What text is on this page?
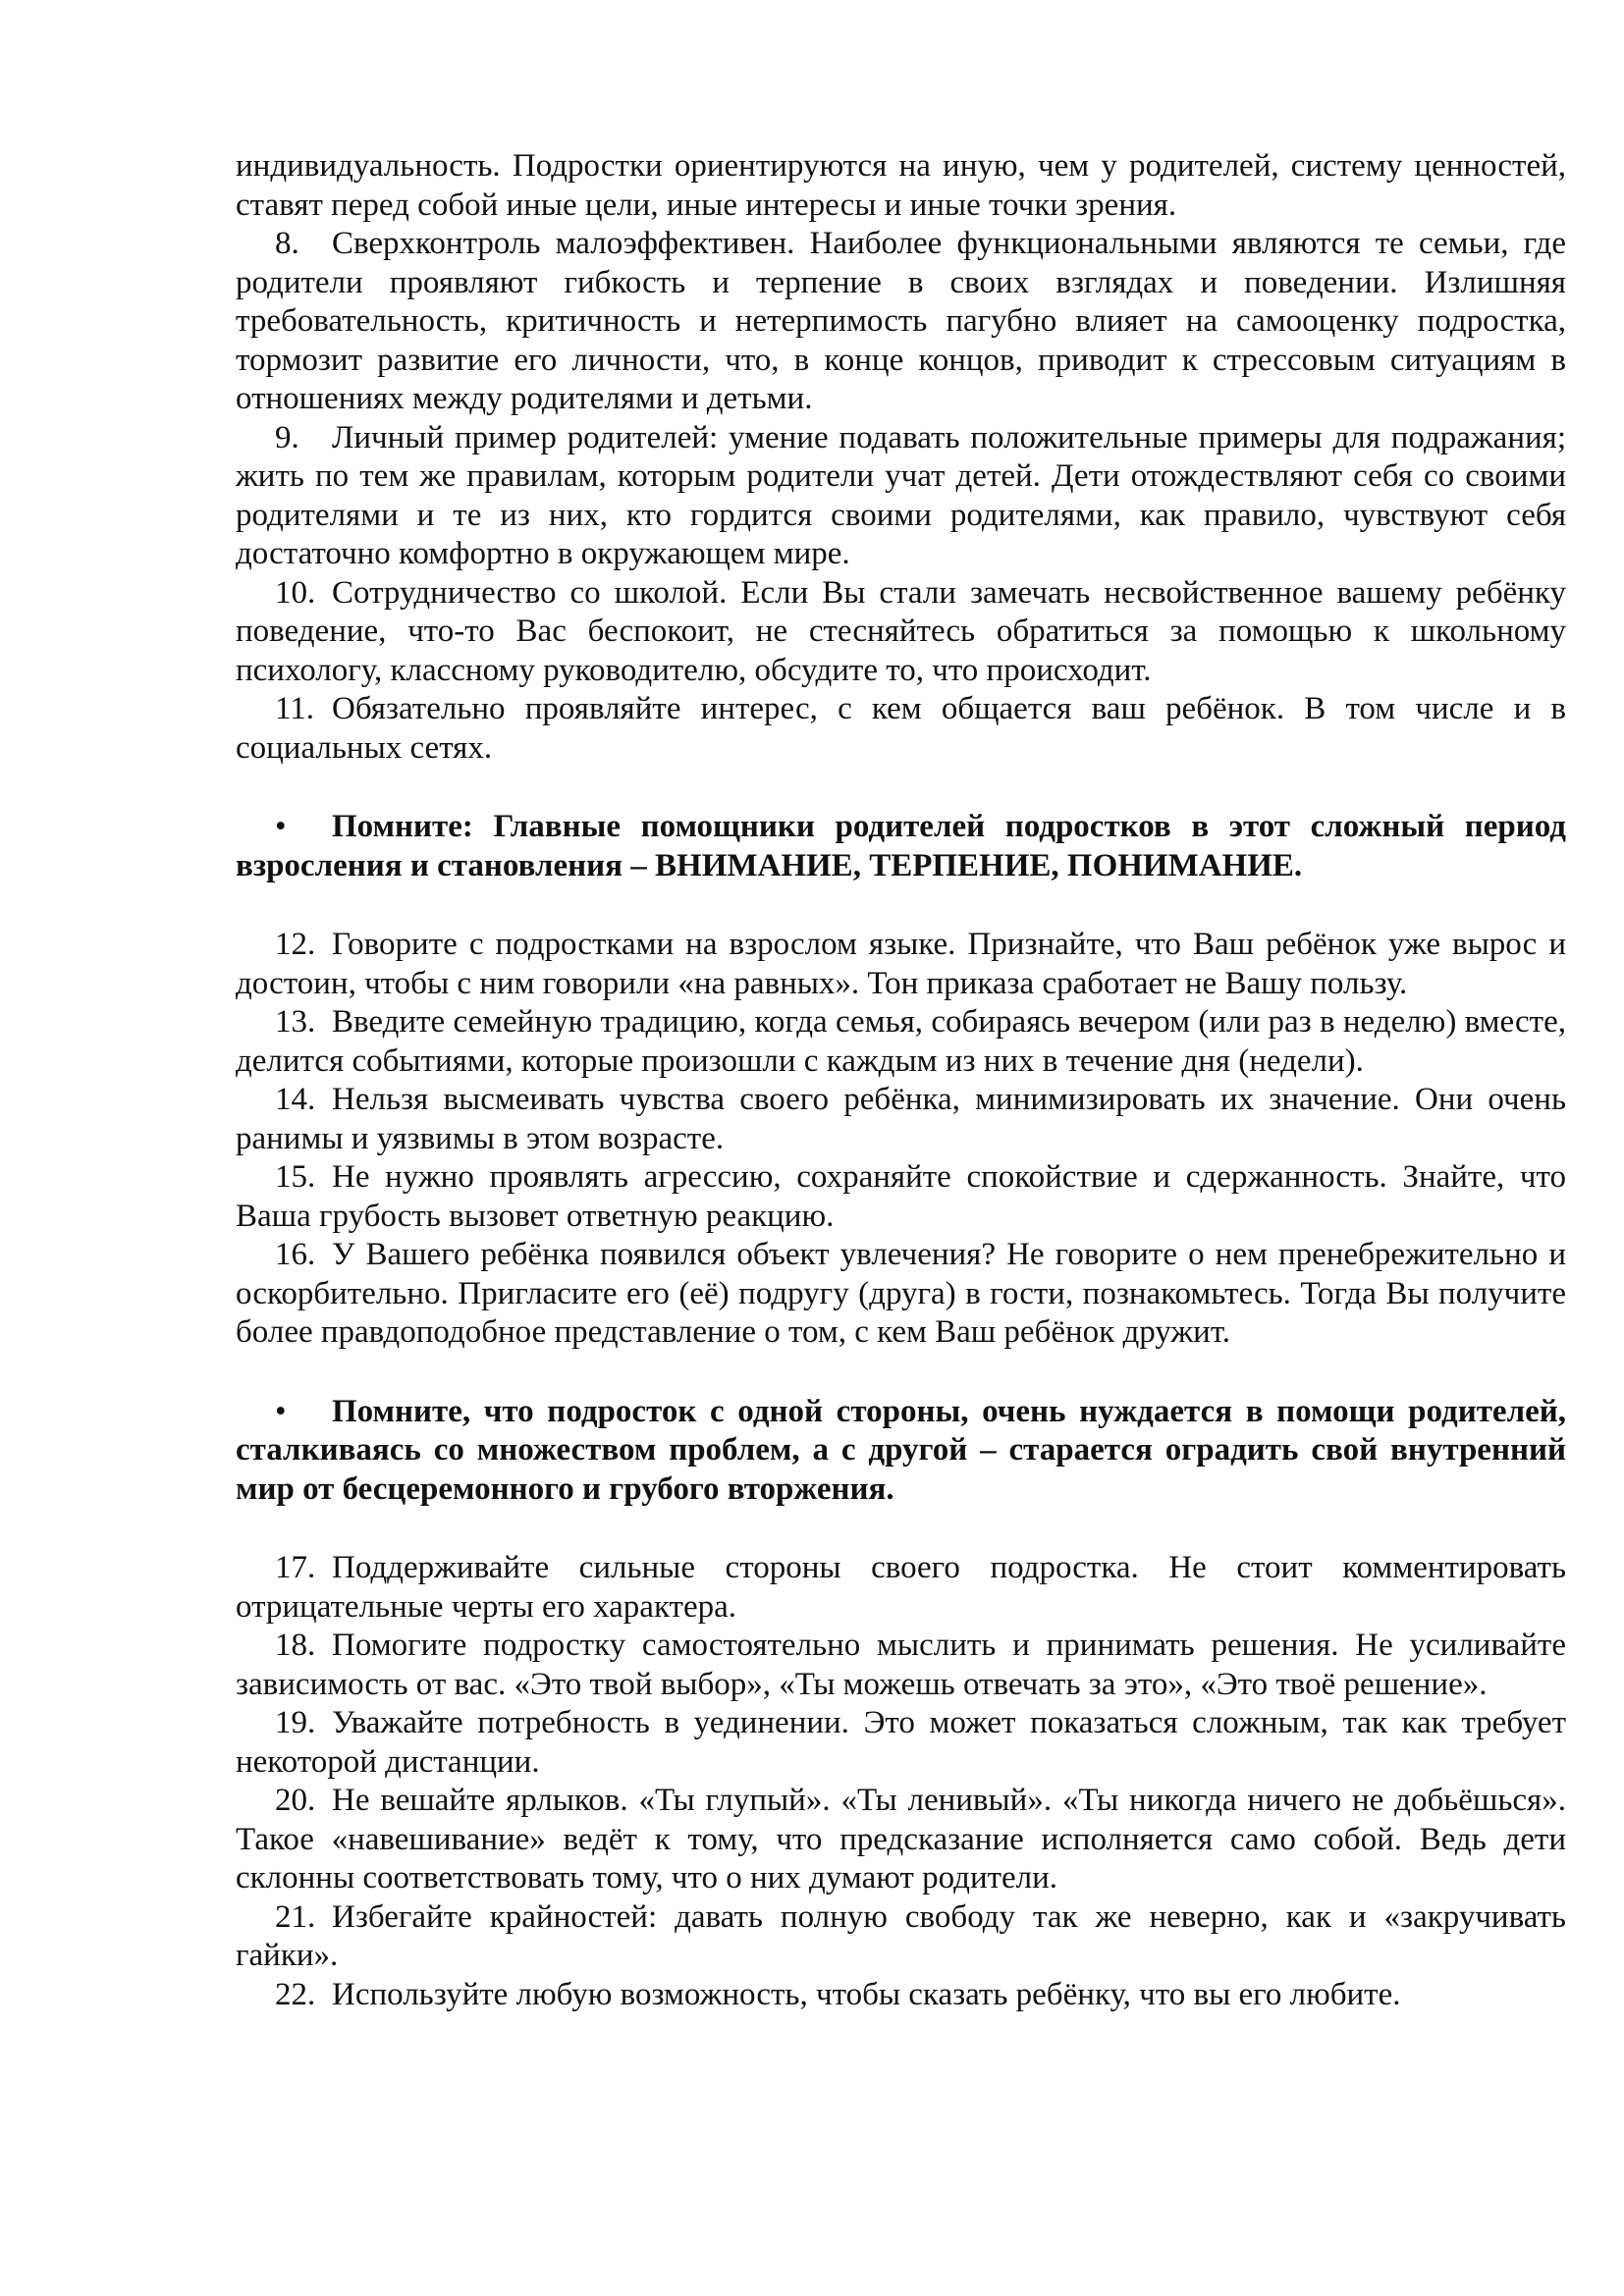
индивидуальность. Подростки ориентируются на иную, чем у родителей, систему ценностей, ставят перед собой иные цели, иные интересы и иные точки зрения.

8. Сверхконтроль малоэффективен. Наиболее функциональными являются те семьи, где родители проявляют гибкость и терпение в своих взглядах и поведении. Излишняя требовательность, критичность и нетерпимость пагубно влияет на самооценку подростка, тормозит развитие его личности, что, в конце концов, приводит к стрессовым ситуациям в отношениях между родителями и детьми.

9. Личный пример родителей: умение подавать положительные примеры для подражания; жить по тем же правилам, которым родители учат детей. Дети отождествляют себя со своими родителями и те из них, кто гордится своими родителями, как правило, чувствуют себя достаточно комфортно в окружающем мире.

10. Сотрудничество со школой. Если Вы стали замечать несвойственное вашему ребёнку поведение, что-то Вас беспокоит, не стесняйтесь обратиться за помощью к школьному психологу, классному руководителю, обсудите то, что происходит.

11. Обязательно проявляйте интерес, с кем общается ваш ребёнок. В том числе и в социальных сетях.

• Помните: Главные помощники родителей подростков в этот сложный период взросления и становления – ВНИМАНИЕ, ТЕРПЕНИЕ, ПОНИМАНИЕ.

12. Говорите с подростками на взрослом языке. Признайте, что Ваш ребёнок уже вырос и достоин, чтобы с ним говорили «на равных». Тон приказа сработает не Вашу пользу.

13. Введите семейную традицию, когда семья, собираясь вечером (или раз в неделю) вместе, делится событиями, которые произошли с каждым из них в течение дня (недели).

14. Нельзя высмеивать чувства своего ребёнка, минимизировать их значение. Они очень ранимы и уязвимы в этом возрасте.

15. Не нужно проявлять агрессию, сохраняйте спокойствие и сдержанность. Знайте, что Ваша грубость вызовет ответную реакцию.

16. У Вашего ребёнка появился объект увлечения? Не говорите о нем пренебрежительно и оскорбительно. Пригласите его (её) подругу (друга) в гости, познакомьтесь. Тогда Вы получите более правдоподобное представление о том, с кем Ваш ребёнок дружит.

• Помните, что подросток с одной стороны, очень нуждается в помощи родителей, сталкиваясь со множеством проблем, а с другой – старается оградить свой внутренний мир от бесцеремонного и грубого вторжения.

17. Поддерживайте сильные стороны своего подростка. Не стоит комментировать отрицательные черты его характера.

18. Помогите подростку самостоятельно мыслить и принимать решения. Не усиливайте зависимость от вас. «Это твой выбор», «Ты можешь отвечать за это», «Это твоё решение».

19. Уважайте потребность в уединении. Это может показаться сложным, так как требует некоторой дистанции.

20. Не вешайте ярлыков. «Ты глупый». «Ты ленивый». «Ты никогда ничего не добьёшься». Такое «навешивание» ведёт к тому, что предсказание исполняется само собой. Ведь дети склонны соответствовать тому, что о них думают родители.

21. Избегайте крайностей: давать полную свободу так же неверно, как и «закручивать гайки».

22. Используйте любую возможность, чтобы сказать ребёнку, что вы его любите.
